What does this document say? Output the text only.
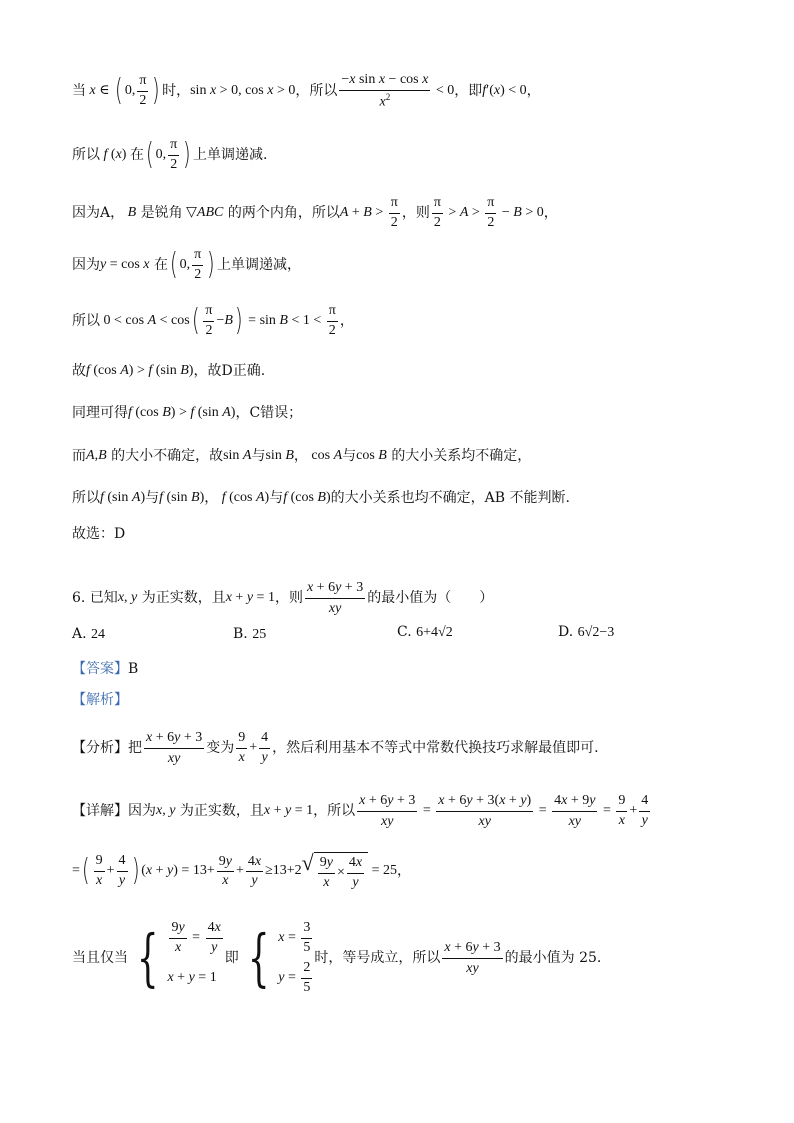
当 x ∈ ( 0, $\frac{\pi}{2}$ ) 时， sin x > 0, cos x > 0 ，所以 $\frac{\text{−x sin x − cos x}}{x^2} < 0$ ，即 f ′( x ) < 0 ，
所以 f ( x ) 在 ( 0, $\frac{\pi}{2}$ ) 上单调递减.
因为A， B
是锐角 ▽ ABC
的两个内角，所以 $A + B > \frac{\pi}{2}$ ，则 $\frac{\pi}{2} > A > \frac{\pi}{2} - B > 0$ ，
因为 y = cos x
在 ( 0, $\frac{\pi}{2}$ ) 上单调递减，
所以 0 < cos A < cos ( $\frac{\pi}{2} - B$ ) = $\sin B < 1 < \frac{\pi}{2}$ ，
故 f (cos A ) > f (sin B ) ，故D正确.
同理可得 f (cos B ) > f (sin A ) ，C错误；
而 A , B
的大小不确定，故 sin A 与 sin B ， cos A 与 cos B
的大小关系均不确定，
所以 f (sin A ) 与 f (sin B ) ， f (cos A ) 与 f (cos B ) 的大小关系也均不确定，AB 不能判断.
故选：D
6.
已知 x , y
为正实数，且 x + y = 1 ，则 $\frac{x + 6y + 3}{xy}$ 的最小值为（　　）
A. 24	B. 25	C. 6+4√2	D. 6√2−3
【答案】 B
【解析】
【分析】 把 $\frac{x + 6y + 3}{xy}$ 变为 $\frac{9}{x} + \frac{4}{y}$ ，然后利用基本不等式中常数代换技巧求解最值即可.
【详解】 因为 x , y
为正实数，且 x + y = 1 ，所以 $\frac{x + 6y + 3}{xy} = \frac{x + 6y + 3(x + y)}{xy} = \frac{4x + 9y}{xy} = \frac{9}{x} + \frac{4}{y}$
= ( $\frac{9}{x} + \frac{4}{y}$ ) ( x + y ) = $13+ \frac{9y}{x} + \frac{4x}{y} \ge 13+2$ √ $\frac{9y}{x} \times \frac{4x}{y} = 25$ ，
当且仅当 { $\frac{9y}{x} = \frac{4x}{y}$
x + y = 1
即 { $x = \frac{3}{5}$
$y = \frac{2}{5}$
时，等号成立，所以 $\frac{x + 6y + 3}{xy}$ 的最小值为 25.
